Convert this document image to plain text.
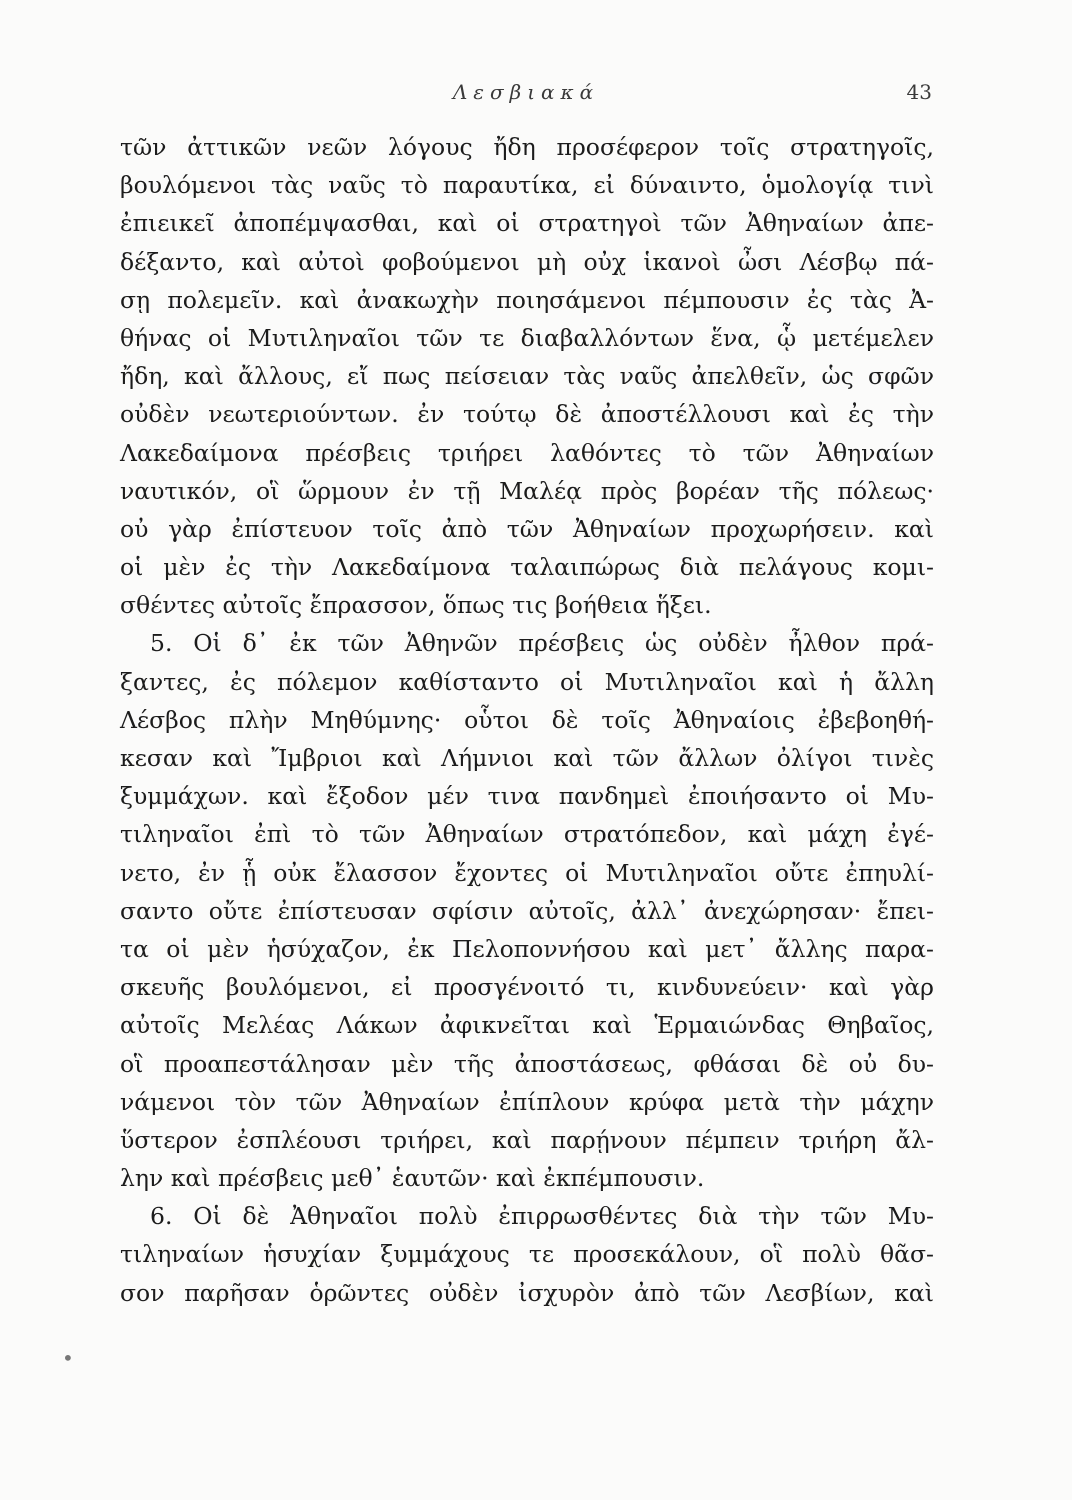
Λεσβιακά	43
τῶν ἀττικῶν νεῶν λόγους ἤδη προσέφερον τοῖς στρατηγοῖς,
βουλόμενοι τὰς ναῦς τὸ παραυτίκα, εἰ δύναιντο, ὁμολογίᾳ τινὶ
ἐπιεικεῖ ἀποπέμψασθαι, καὶ οἱ στρατηγοὶ τῶν Ἀθηναίων ἀπε-
δέξαντο, καὶ αὐτοὶ φοβούμενοι μὴ οὐχ ἱκανοὶ ὦσι Λέσβῳ πά-
σῃ πολεμεῖν. καὶ ἀνακωχὴν ποιησάμενοι πέμπουσιν ἐς τὰς Ἀ-
θήνας οἱ Μυτιληναῖοι τῶν τε διαβαλλόντων ἕνα, ᾧ μετέμελεν
ἤδη, καὶ ἄλλους, εἴ πως πείσειαν τὰς ναῦς ἀπελθεῖν, ὡς σφῶν
οὐδὲν νεωτεριούντων. ἐν τούτῳ δὲ ἀποστέλλουσι καὶ ἐς τὴν
Λακεδαίμονα πρέσβεις τριήρει λαθόντες τὸ τῶν Ἀθηναίων
ναυτικόν, οἳ ὥρμουν ἐν τῇ Μαλέᾳ πρὸς βορέαν τῆς πόλεως·
οὐ γὰρ ἐπίστευον τοῖς ἀπὸ τῶν Ἀθηναίων προχωρήσειν. καὶ
οἱ μὲν ἐς τὴν Λακεδαίμονα ταλαιπώρως διὰ πελάγους κομι-
σθέντες αὐτοῖς ἔπρασσον, ὅπως τις βοήθεια ἥξει.
5. Οἱ δ᾽ ἐκ τῶν Ἀθηνῶν πρέσβεις ὡς οὐδὲν ἦλθον πρά-
ξαντες, ἐς πόλεμον καθίσταντο οἱ Μυτιληναῖοι καὶ ἡ ἄλλη
Λέσβος πλὴν Μηθύμνης· οὗτοι δὲ τοῖς Ἀθηναίοις ἐβεβοηθή-
κεσαν καὶ Ἴμβριοι καὶ Λήμνιοι καὶ τῶν ἄλλων ὀλίγοι τινὲς
ξυμμάχων. καὶ ἔξοδον μέν τινα πανδημεὶ ἐποιήσαντο οἱ Μυ-
τιληναῖοι ἐπὶ τὸ τῶν Ἀθηναίων στρατόπεδον, καὶ μάχη ἐγέ-
νετο, ἐν ᾗ οὐκ ἔλασσον ἔχοντες οἱ Μυτιληναῖοι οὔτε ἐπηυλί-
σαντο οὔτε ἐπίστευσαν σφίσιν αὐτοῖς, ἀλλ᾽ ἀνεχώρησαν· ἔπει-
τα οἱ μὲν ἡσύχαζον, ἐκ Πελοποννήσου καὶ μετ᾽ ἄλλης παρα-
σκευῆς βουλόμενοι, εἰ προσγένοιτό τι, κινδυνεύειν· καὶ γὰρ
αὐτοῖς Μελέας Λάκων ἀφικνεῖται καὶ Ἑρμαιώνδας Θηβαῖος,
οἳ προαπεστάλησαν μὲν τῆς ἀποστάσεως, φθάσαι δὲ οὐ δυ-
νάμενοι τὸν τῶν Ἀθηναίων ἐπίπλουν κρύφα μετὰ τὴν μάχην
ὕστερον ἐσπλέουσι τριήρει, καὶ παρῄνουν πέμπειν τριήρη ἄλ-
λην καὶ πρέσβεις μεθ᾽ ἑαυτῶν· καὶ ἐκπέμπουσιν.
6. Οἱ δὲ Ἀθηναῖοι πολὺ ἐπιρρωσθέντες διὰ τὴν τῶν Μυ-
τιληναίων ἡσυχίαν ξυμμάχους τε προσεκάλουν, οἳ πολὺ θᾶσ-
σον παρῆσαν ὁρῶντες οὐδὲν ἰσχυρὸν ἀπὸ τῶν Λεσβίων, καὶ
•
